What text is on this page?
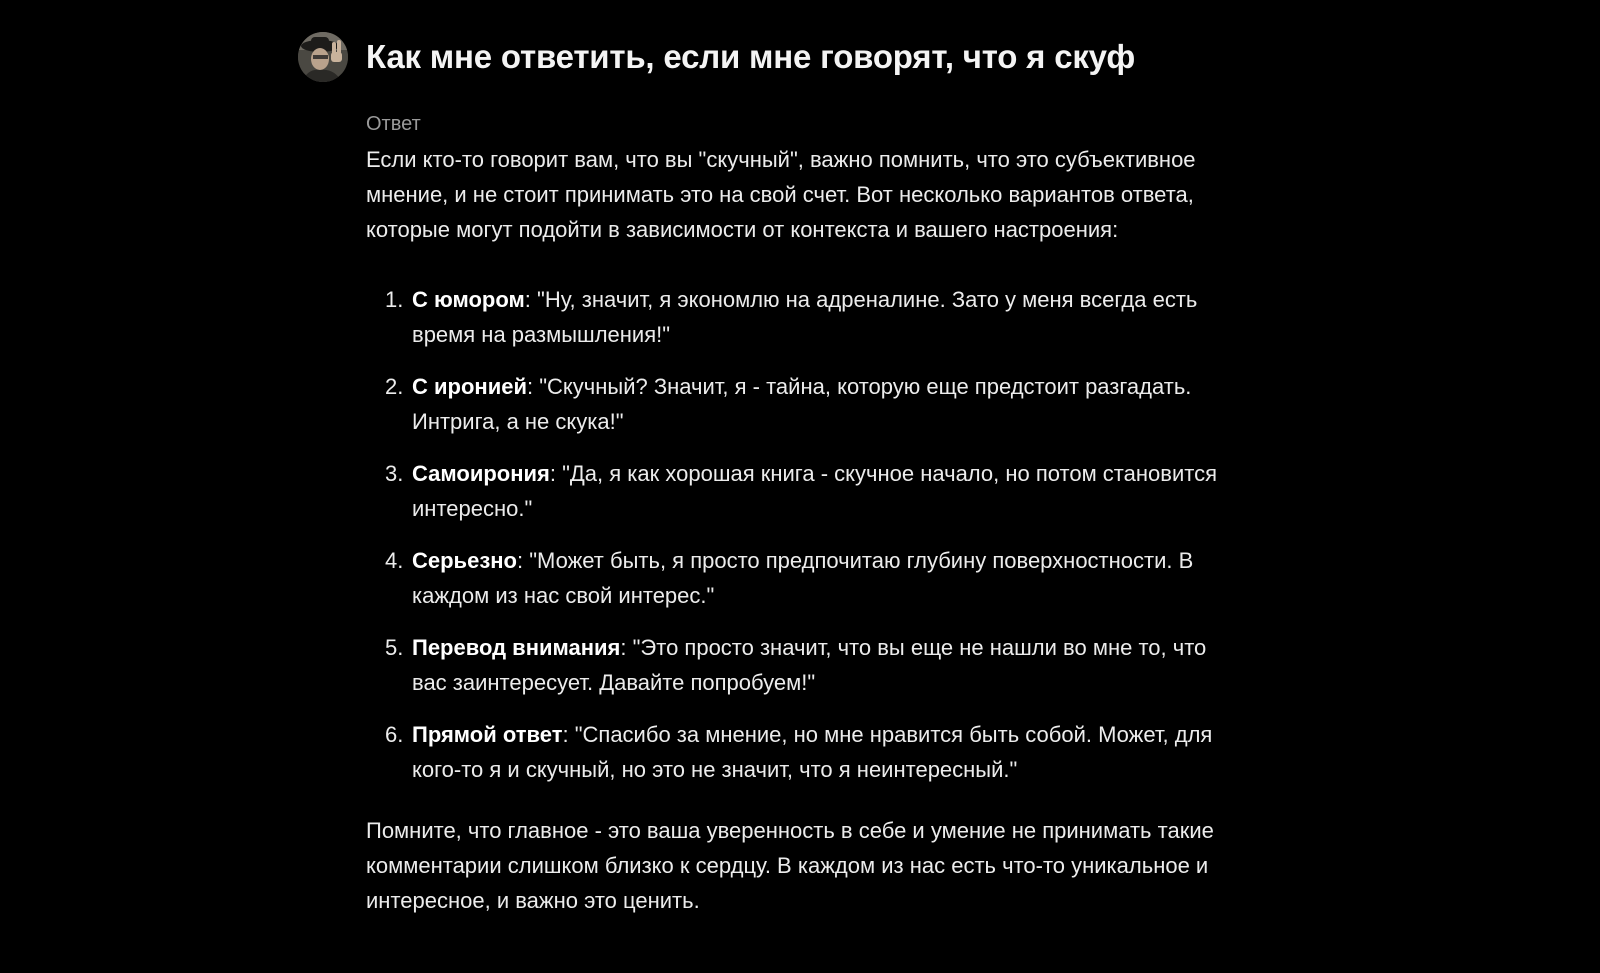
Как мне ответить, если мне говорят, что я скуф
Ответ

Если кто-то говорит вам, что вы "скучный", важно помнить, что это субъективное мнение, и не стоит принимать это на свой счет. Вот несколько вариантов ответа, которые могут подойти в зависимости от контекста и вашего настроения:

1. С юмором: "Ну, значит, я экономлю на адреналине. Зато у меня всегда есть время на размышления!"
2. С иронией: "Скучный? Значит, я - тайна, которую еще предстоит разгадать. Интрига, а не скука!"
3. Самоирония: "Да, я как хорошая книга - скучное начало, но потом становится интересно."
4. Серьезно: "Может быть, я просто предпочитаю глубину поверхностности. В каждом из нас свой интерес."
5. Перевод внимания: "Это просто значит, что вы еще не нашли во мне то, что вас заинтересует. Давайте попробуем!"
6. Прямой ответ: "Спасибо за мнение, но мне нравится быть собой. Может, для кого-то я и скучный, но это не значит, что я неинтересный."

Помните, что главное - это ваша уверенность в себе и умение не принимать такие комментарии слишком близко к сердцу. В каждом из нас есть что-то уникальное и интересное, и важно это ценить.
